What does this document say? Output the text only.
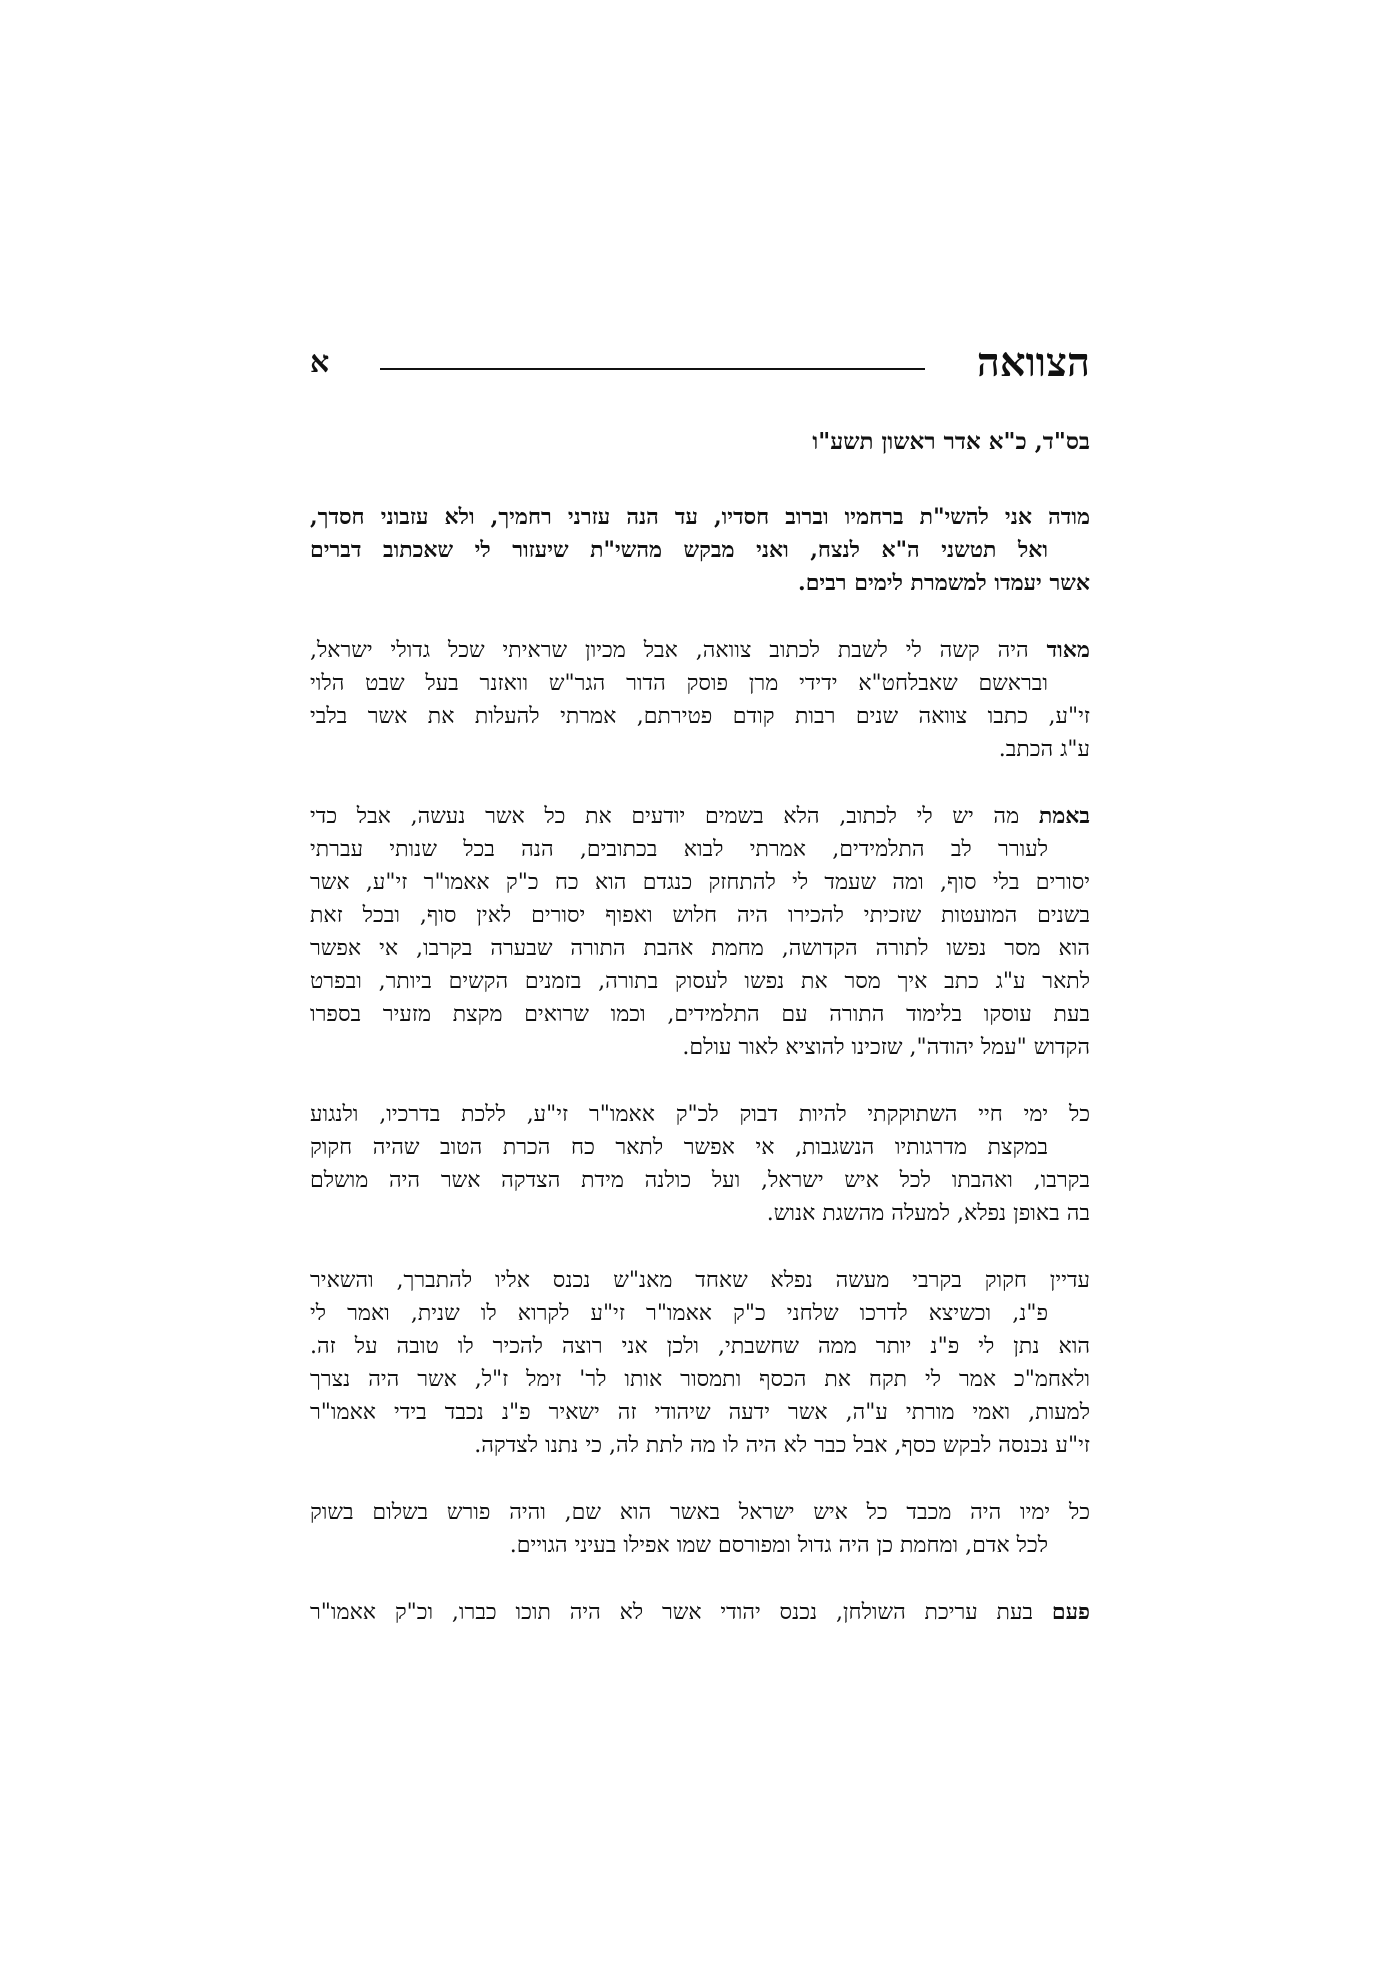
הצוואה
א
בס"ד, כ"א אדר ראשון תשע"ו
מודה אני להשי"ת ברחמיו וברוב חסדיו, עד הנה עזרני רחמיך, ולא עזבוני חסדך,
ואל תטשני ה"א לנצח, ואני מבקש מהשי"ת שיעזור לי שאכתוב דברים
אשר יעמדו למשמרת לימים רבים.
מאוד היה קשה לי לשבת לכתוב צוואה, אבל מכיון שראיתי שכל גדולי ישראל,
ובראשם שאבלחט"א ידידי מרן פוסק הדור הגר"ש וואזנר בעל שבט הלוי
זי"ע, כתבו צוואה שנים רבות קודם פטירתם, אמרתי להעלות את אשר בלבי
ע"ג הכתב.
באמת מה יש לי לכתוב, הלא בשמים יודעים את כל אשר נעשה, אבל כדי
לעורר לב התלמידים, אמרתי לבוא בכתובים, הנה בכל שנותי עברתי
יסורים בלי סוף, ומה שעמד לי להתחזק כנגדם הוא כח כ"ק אאמו"ר זי"ע, אשר
בשנים המועטות שזכיתי להכירו היה חלוש ואפוף יסורים לאין סוף, ובכל זאת
הוא מסר נפשו לתורה הקדושה, מחמת אהבת התורה שבערה בקרבו, אי אפשר
לתאר ע"ג כתב איך מסר את נפשו לעסוק בתורה, בזמנים הקשים ביותר, ובפרט
בעת עוסקו בלימוד התורה עם התלמידים, וכמו שרואים מקצת מזעיר בספרו
הקדוש "עמל יהודה", שזכינו להוציא לאור עולם.
כל ימי חיי השתוקקתי להיות דבוק לכ"ק אאמו"ר זי"ע, ללכת בדרכיו, ולנגוע
במקצת מדרגותיו הנשגבות, אי אפשר לתאר כח הכרת הטוב שהיה חקוק
בקרבו, ואהבתו לכל איש ישראל, ועל כולנה מידת הצדקה אשר היה מושלם
בה באופן נפלא, למעלה מהשגת אנוש.
עדיין חקוק בקרבי מעשה נפלא שאחד מאנ"ש נכנס אליו להתברך, והשאיר
פ"נ, וכשיצא לדרכו שלחני כ"ק אאמו"ר זי"ע לקרוא לו שנית, ואמר לי
הוא נתן לי פ"נ יותר ממה שחשבתי, ולכן אני רוצה להכיר לו טובה על זה.
ולאחמ"כ אמר לי תקח את הכסף ותמסור אותו לר' זימל ז"ל, אשר היה נצרך
למעות, ואמי מורתי ע"ה, אשר ידעה שיהודי זה ישאיר פ"נ נכבד בידי אאמו"ר
זי"ע נכנסה לבקש כסף, אבל כבר לא היה לו מה לתת לה, כי נתנו לצדקה.
כל ימיו היה מכבד כל איש ישראל באשר הוא שם, והיה פורש בשלום בשוק
לכל אדם, ומחמת כן היה גדול ומפורסם שמו אפילו בעיני הגויים.
פעם בעת עריכת השולחן, נכנס יהודי אשר לא היה תוכו כברו, וכ"ק אאמו"ר
